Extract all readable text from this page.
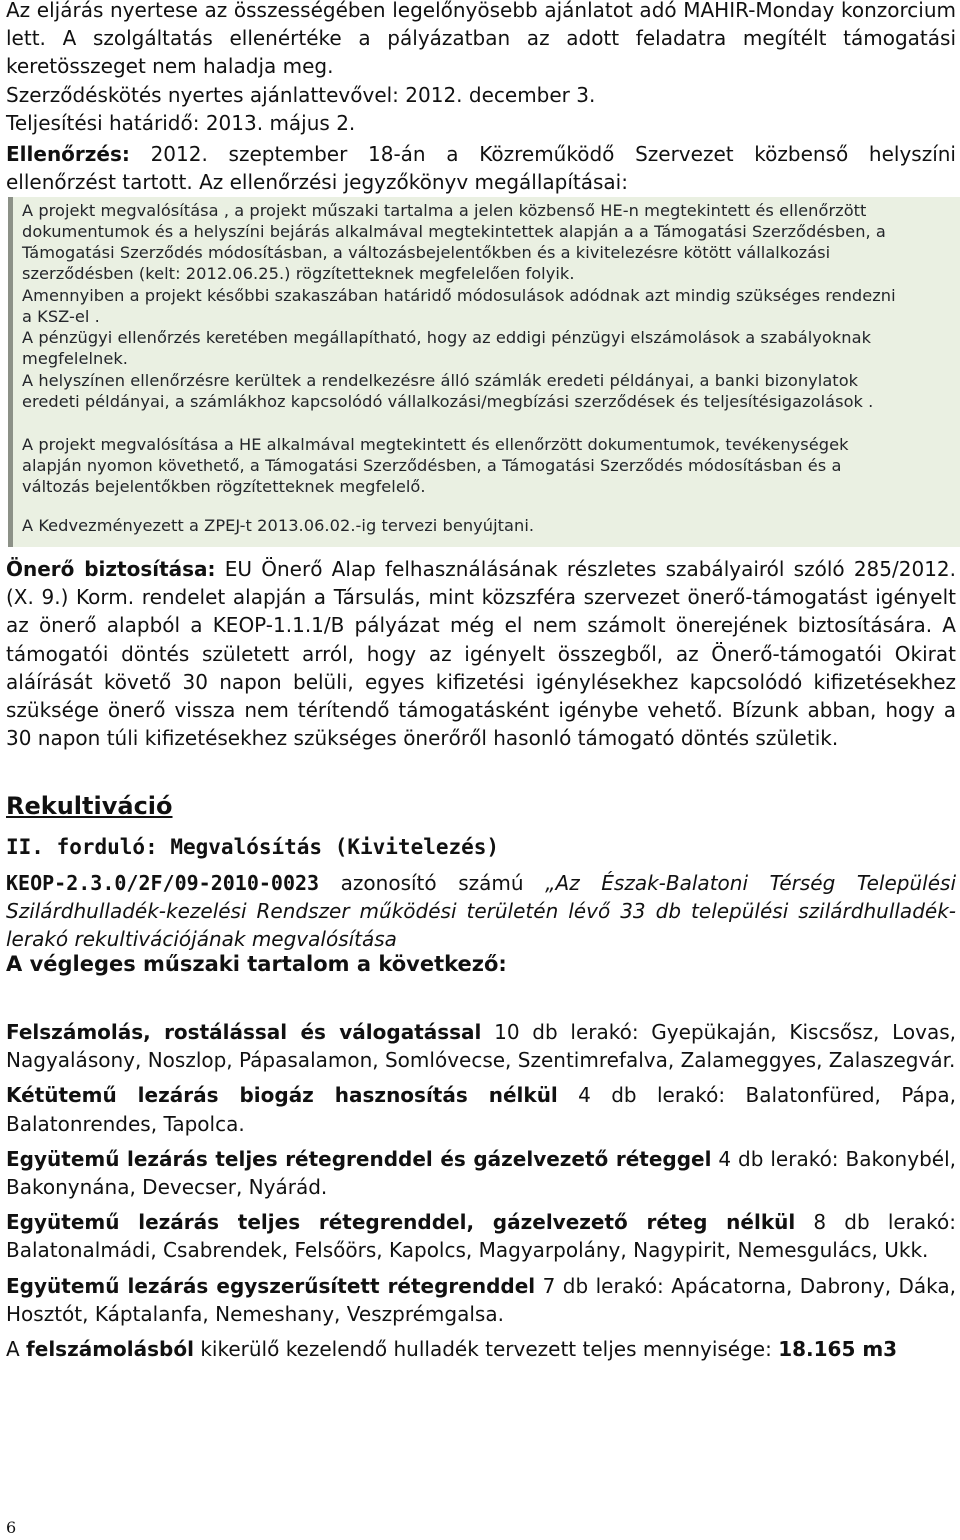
Az eljárás nyertese az összességében legelőnyösebb ajánlatot adó MAHIR-Monday konzorcium lett. A szolgáltatás ellenértéke a pályázatban az adott feladatra megítélt támogatási keretösszeget nem haladja meg.

Szerződéskötés nyertes ajánlattevővel: 2012. december 3.

Teljesítési határidő: 2013. május 2.

Ellenőrzés: 2012. szeptember 18-án a Közreműködő Szervezet közbenső helyszíni ellenőrzést tartott. Az ellenőrzési jegyzőkönyv megállapításai:

A projekt megvalósítása , a projekt műszaki tartalma a jelen közbenső HE-n megtekintett és ellenőrzött
dokumentumok és a helyszíni bejárás alkalmával megtekintettek alapján a a Támogatási Szerződésben, a
Támogatási Szerződés módosításban, a változásbejelentőkben és a kivitelezésre kötött vállalkozási
szerződésben (kelt: 2012.06.25.) rögzítetteknek megfelelően folyik.
Amennyiben a projekt későbbi szakaszában határidő módosulások adódnak azt mindig szükséges rendezni
a KSZ-el .
A pénzügyi ellenőrzés keretében megállapítható, hogy az eddigi pénzügyi elszámolások a szabályoknak
megfelelnek.
A helyszínen ellenőrzésre kerültek a rendelkezésre álló számlák eredeti példányai, a banki bizonylatok
eredeti példányai, a számlákhoz kapcsolódó vállalkozási/megbízási szerződések és teljesítésigazolások .
A projekt megvalósítása a HE alkalmával megtekintett és ellenőrzött dokumentumok, tevékenységek
alapján nyomon követhető, a Támogatási Szerződésben, a Támogatási Szerződés módosításban és a
változás bejelentőkben rögzítetteknek megfelelő.
A Kedvezményezett a ZPEJ-t 2013.06.02.-ig tervezi benyújtani.

Önerő biztosítása: EU Önerő Alap felhasználásának részletes szabályairól szóló 285/2012. (X. 9.) Korm. rendelet alapján a Társulás, mint közszféra szervezet önerő-támogatást igényelt az önerő alapból a KEOP-1.1.1/B pályázat még el nem számolt önerejének biztosítására. A támogatói döntés született arról, hogy az igényelt összegből, az Önerő-támogatói Okirat aláírását követő 30 napon belüli, egyes kifizetési igénylésekhez kapcsolódó kifizetésekhez szüksége önerő vissza nem térítendő támogatásként igénybe vehető. Bízunk abban, hogy a 30 napon túli kifizetésekhez szükséges önerőről hasonló támogató döntés születik.

Rekultiváció
II. forduló: Megvalósítás (Kivitelezés)

KEOP-2.3.0/2F/09-2010-0023 azonosító számú „Az Észak-Balatoni Térség Települési Szilárdhulladék-kezelési Rendszer működési területén lévő 33 db települési szilárdhulladék-lerakó rekultivációjának megvalósítása

A végleges műszaki tartalom a következő:

Felszámolás, rostálással és válogatással 10 db lerakó: Gyepükaján, Kiscsősz, Lovas, Nagyalásony, Noszlop, Pápasalamon, Somlóvecse, Szentimrefalva, Zalameggyes, Zalaszegvár.

Kétütemű lezárás biogáz hasznosítás nélkül 4 db lerakó: Balatonfüred, Pápa, Balatonrendes, Tapolca.

Együtemű lezárás teljes rétegrenddel és gázelvezető réteggel 4 db lerakó: Bakonybél, Bakonynána, Devecser, Nyárád.

Együtemű lezárás teljes rétegrenddel, gázelvezető réteg nélkül 8 db lerakó: Balatonalmádi, Csabrendek, Felsőörs, Kapolcs, Magyarpolány, Nagypirit, Nemesgulács, Ukk.

Együtemű lezárás egyszerűsített rétegrenddel 7 db lerakó: Apácatorna, Dabrony, Dáka, Hosztót, Káptalanfa, Nemeshany, Veszprémgalsa.

A felszámolásból kikerülő kezelendő hulladék tervezett teljes mennyisége: 18.165 m3

6
